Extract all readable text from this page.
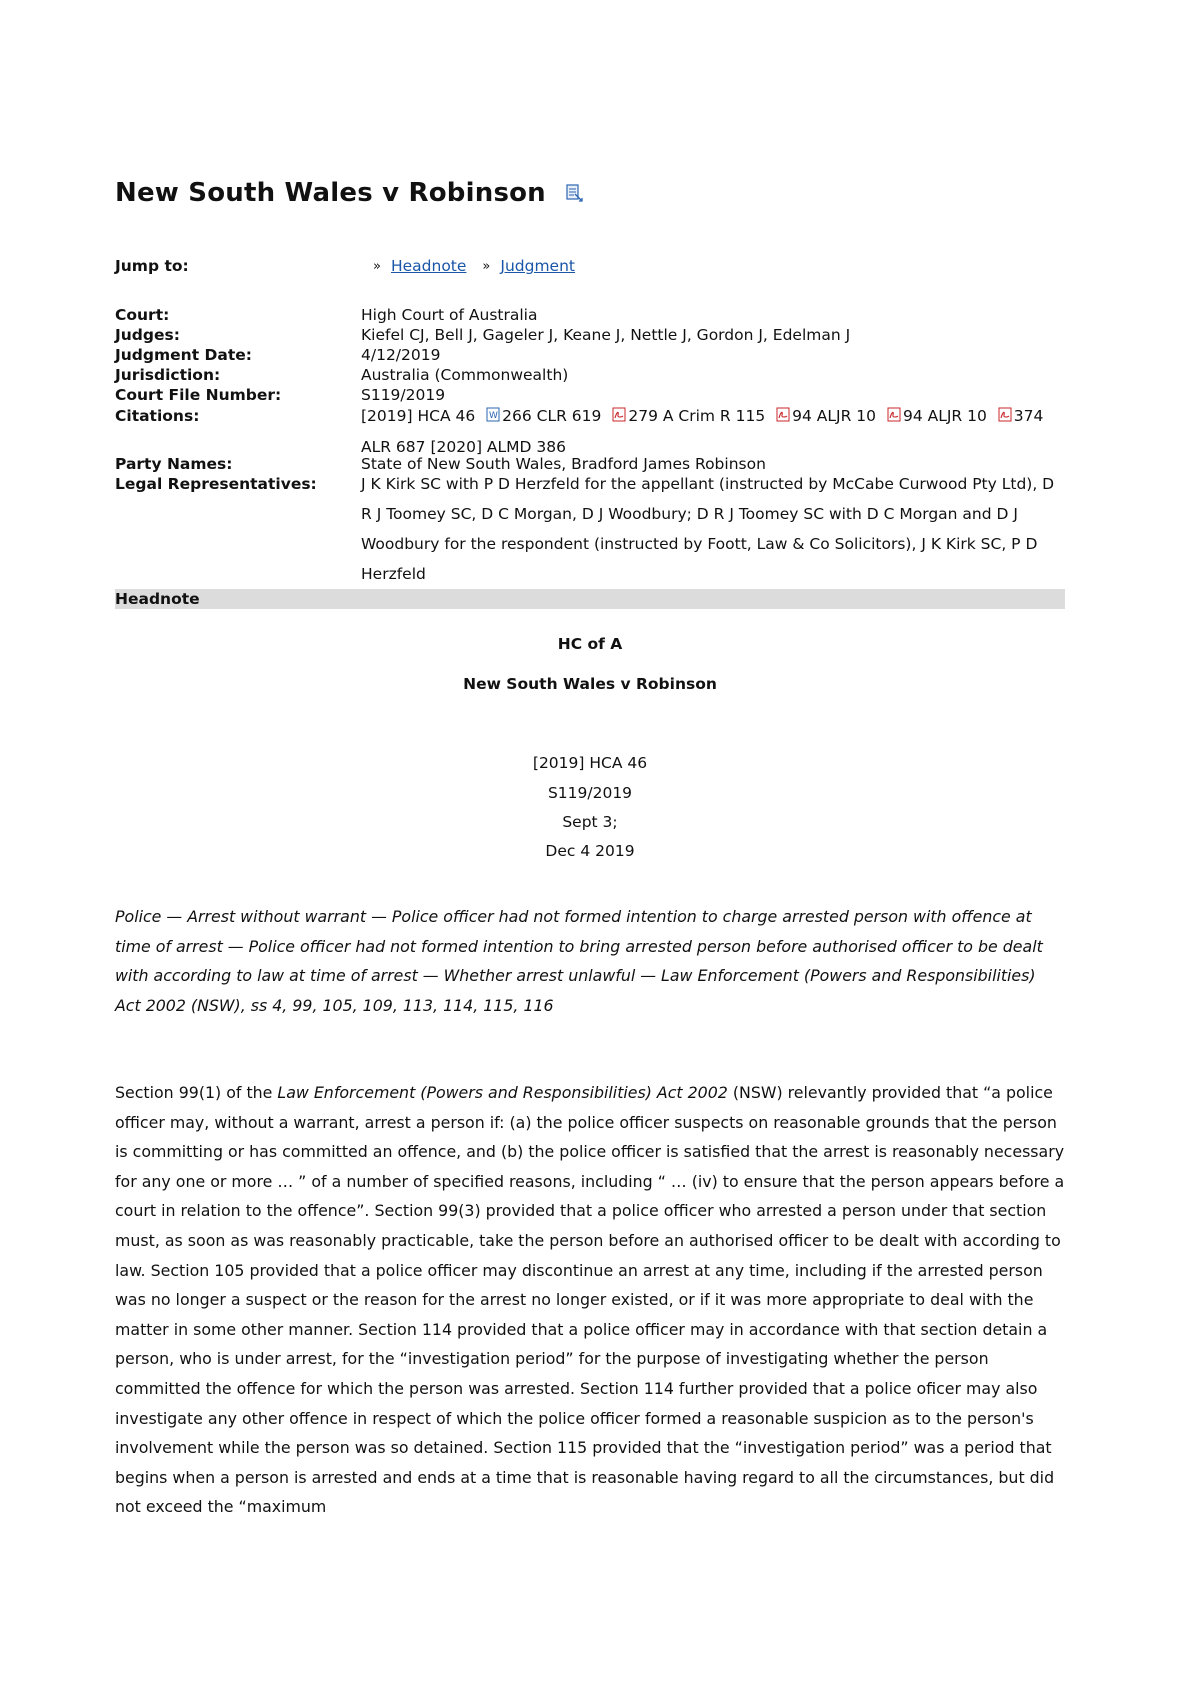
New South Wales v Robinson
Jump to:	» Headnote » Judgment
Court:	High Court of Australia
Judges:	Kiefel CJ, Bell J, Gageler J, Keane J, Nettle J, Gordon J, Edelman J
Judgment Date:	4/12/2019
Jurisdiction:	Australia (Commonwealth)
Court File Number:	S119/2019
Citations:	[2019] HCA 46 W 266 CLR 619 279 A Crim R 115 94 ALJR 10 94 ALJR 10 374 ALR 687 [2020] ALMD 386
Party Names:	State of New South Wales, Bradford James Robinson
Legal Representatives:	J K Kirk SC with P D Herzfeld for the appellant (instructed by McCabe Curwood Pty Ltd), D R J Toomey SC, D C Morgan, D J Woodbury; D R J Toomey SC with D C Morgan and D J Woodbury for the respondent (instructed by Foott, Law & Co Solicitors), J K Kirk SC, P D Herzfeld
Headnote
HC of A
New South Wales v Robinson
[2019] HCA 46
S119/2019
Sept 3;
Dec 4 2019
Police — Arrest without warrant — Police officer had not formed intention to charge arrested person with offence at time of arrest — Police officer had not formed intention to bring arrested person before authorised officer to be dealt with according to law at time of arrest — Whether arrest unlawful — Law Enforcement (Powers and Responsibilities) Act 2002 (NSW), ss 4, 99, 105, 109, 113, 114, 115, 116
Section 99(1) of the Law Enforcement (Powers and Responsibilities) Act 2002 (NSW) relevantly provided that “a police officer may, without a warrant, arrest a person if: (a) the police officer suspects on reasonable grounds that the person is committing or has committed an offence, and (b) the police officer is satisfied that the arrest is reasonably necessary for any one or more … ” of a number of specified reasons, including “ … (iv) to ensure that the person appears before a court in relation to the offence”. Section 99(3) provided that a police officer who arrested a person under that section must, as soon as was reasonably practicable, take the person before an authorised officer to be dealt with according to law. Section 105 provided that a police officer may discontinue an arrest at any time, including if the arrested person was no longer a suspect or the reason for the arrest no longer existed, or if it was more appropriate to deal with the matter in some other manner. Section 114 provided that a police officer may in accordance with that section detain a person, who is under arrest, for the “investigation period” for the purpose of investigating whether the person committed the offence for which the person was arrested. Section 114 further provided that a police oficer may also investigate any other offence in respect of which the police officer formed a reasonable suspicion as to the person's involvement while the person was so detained. Section 115 provided that the “investigation period” was a period that begins when a person is arrested and ends at a time that is reasonable having regard to all the circumstances, but did not exceed the “maximum
